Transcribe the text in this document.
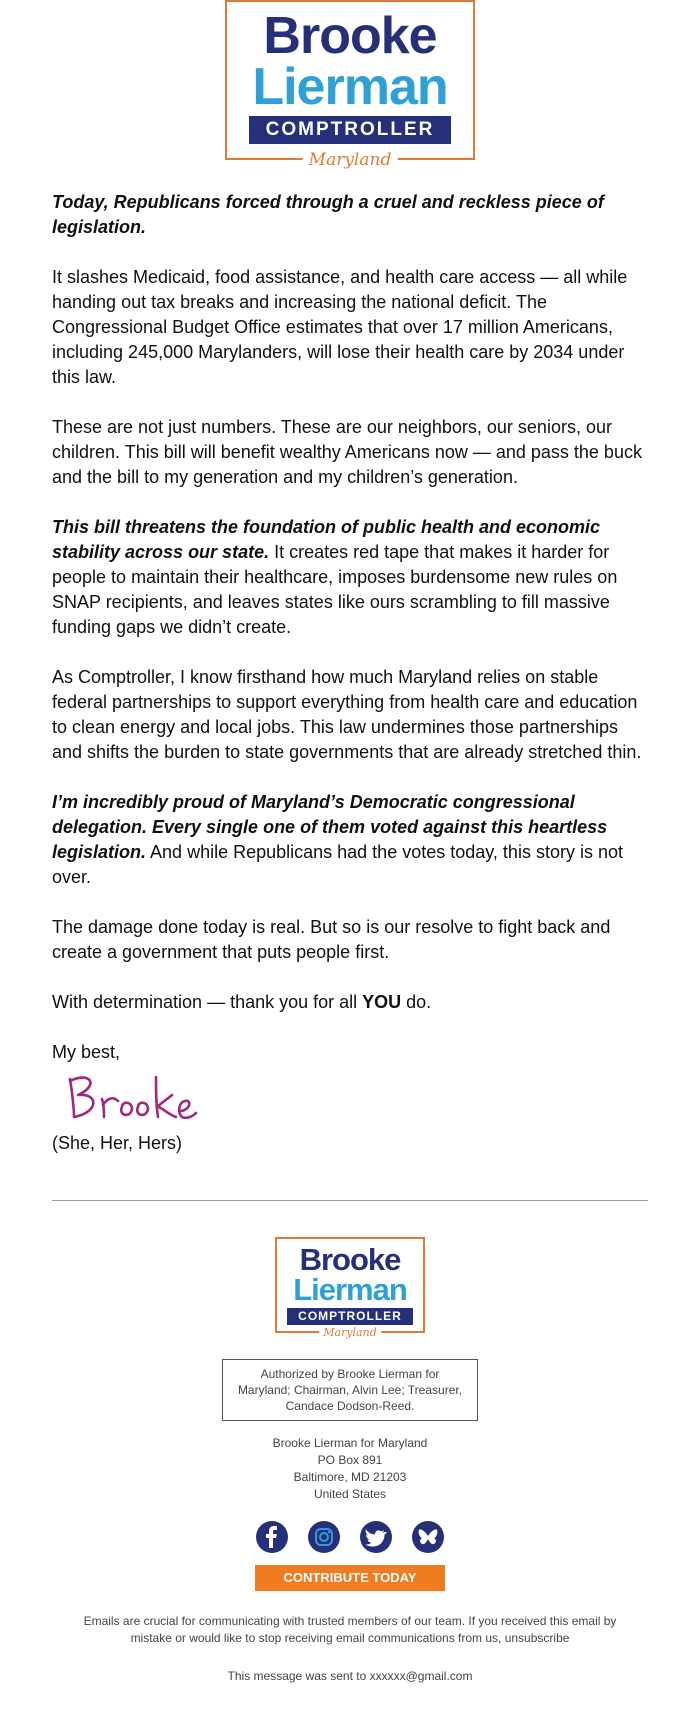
Brooke
Lierman
COMPTROLLER
Maryland

Today, Republicans forced through a cruel and reckless piece of legislation.

It slashes Medicaid, food assistance, and health care access — all while handing out tax breaks and increasing the national deficit. The Congressional Budget Office estimates that over 17 million Americans, including 245,000 Marylanders, will lose their health care by 2034 under this law.

These are not just numbers. These are our neighbors, our seniors, our children. This bill will benefit wealthy Americans now — and pass the buck and the bill to my generation and my children’s generation.

This bill threatens the foundation of public health and economic stability across our state. It creates red tape that makes it harder for people to maintain their healthcare, imposes burdensome new rules on SNAP recipients, and leaves states like ours scrambling to fill massive funding gaps we didn’t create.

As Comptroller, I know firsthand how much Maryland relies on stable federal partnerships to support everything from health care and education to clean energy and local jobs. This law undermines those partnerships and shifts the burden to state governments that are already stretched thin.

I’m incredibly proud of Maryland’s Democratic congressional delegation. Every single one of them voted against this heartless legislation. And while Republicans had the votes today, this story is not over.

The damage done today is real. But so is our resolve to fight back and create a government that puts people first.

With determination — thank you for all YOU do.

My best,

(She, Her, Hers)

Brooke
Lierman
COMPTROLLER
Maryland
Authorized by Brooke Lierman for Maryland; Chairman, Alvin Lee; Treasurer, Candace Dodson-Reed.
Brooke Lierman for Maryland
PO Box 891
Baltimore, MD 21203
United States
CONTRIBUTE TODAY
Emails are crucial for communicating with trusted members of our team. If you received this email by mistake or would like to stop receiving email communications from us, unsubscribe
This message was sent to xxxxxx@gmail.com
